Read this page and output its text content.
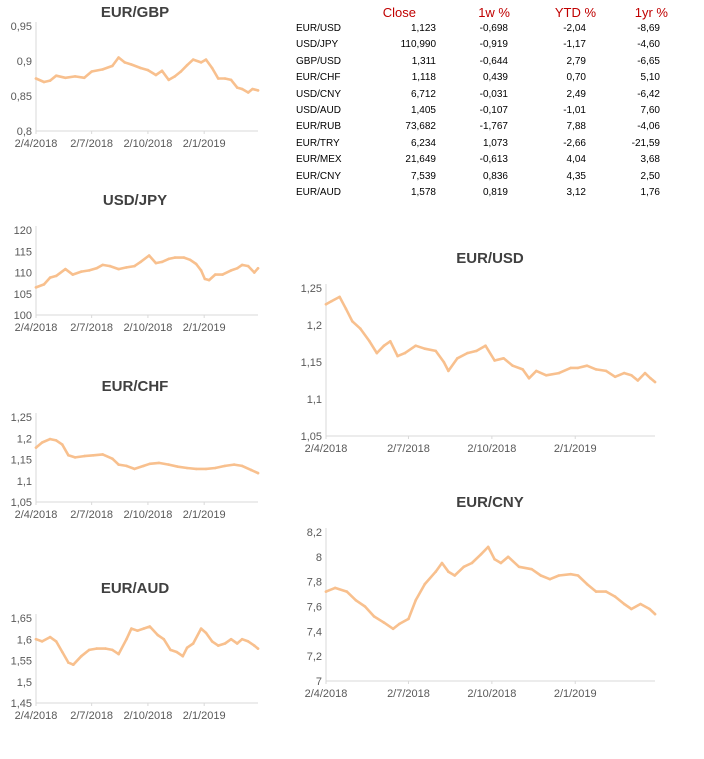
EUR/GBP
0,8
0,85
0,9
0,95
2/4/2018 2/7/2018 2/10/2018 2/1/2019
USD/JPY
100
105
110
115
120
2/4/2018 2/7/2018 2/10/2018 2/1/2019
EUR/CHF
1,05
1,1
1,15
1,2
1,25
2/4/2018 2/7/2018 2/10/2018 2/1/2019
EUR/AUD
1,45
1,5
1,55
1,6
1,65
2/4/2018 2/7/2018 2/10/2018 2/1/2019
EUR/USD
1,05
1,1
1,15
1,2
1,25
2/4/2018	2/7/2018	2/10/2018	2/1/2019
EUR/CNY
7
7,2
7,4
7,6
7,8
8
8,2
2/4/2018	2/7/2018	2/10/2018	2/1/2019
Close	1w %	YTD %	1yr %
EUR/USD	1,123	-0,698	-2,04	-8,69
USD/JPY	110,990	-0,919	-1,17	-4,60
GBP/USD	1,311	-0,644	2,79	-6,65
EUR/CHF	1,118	0,439	0,70	5,10
USD/CNY	6,712	-0,031	2,49	-6,42
USD/AUD	1,405	-0,107	-1,01	7,60
EUR/RUB	73,682	-1,767	7,88	-4,06
EUR/TRY	6,234	1,073	-2,66	-21,59
EUR/MEX	21,649	-0,613	4,04	3,68
EUR/CNY	7,539	0,836	4,35	2,50
EUR/AUD	1,578	0,819	3,12	1,76
